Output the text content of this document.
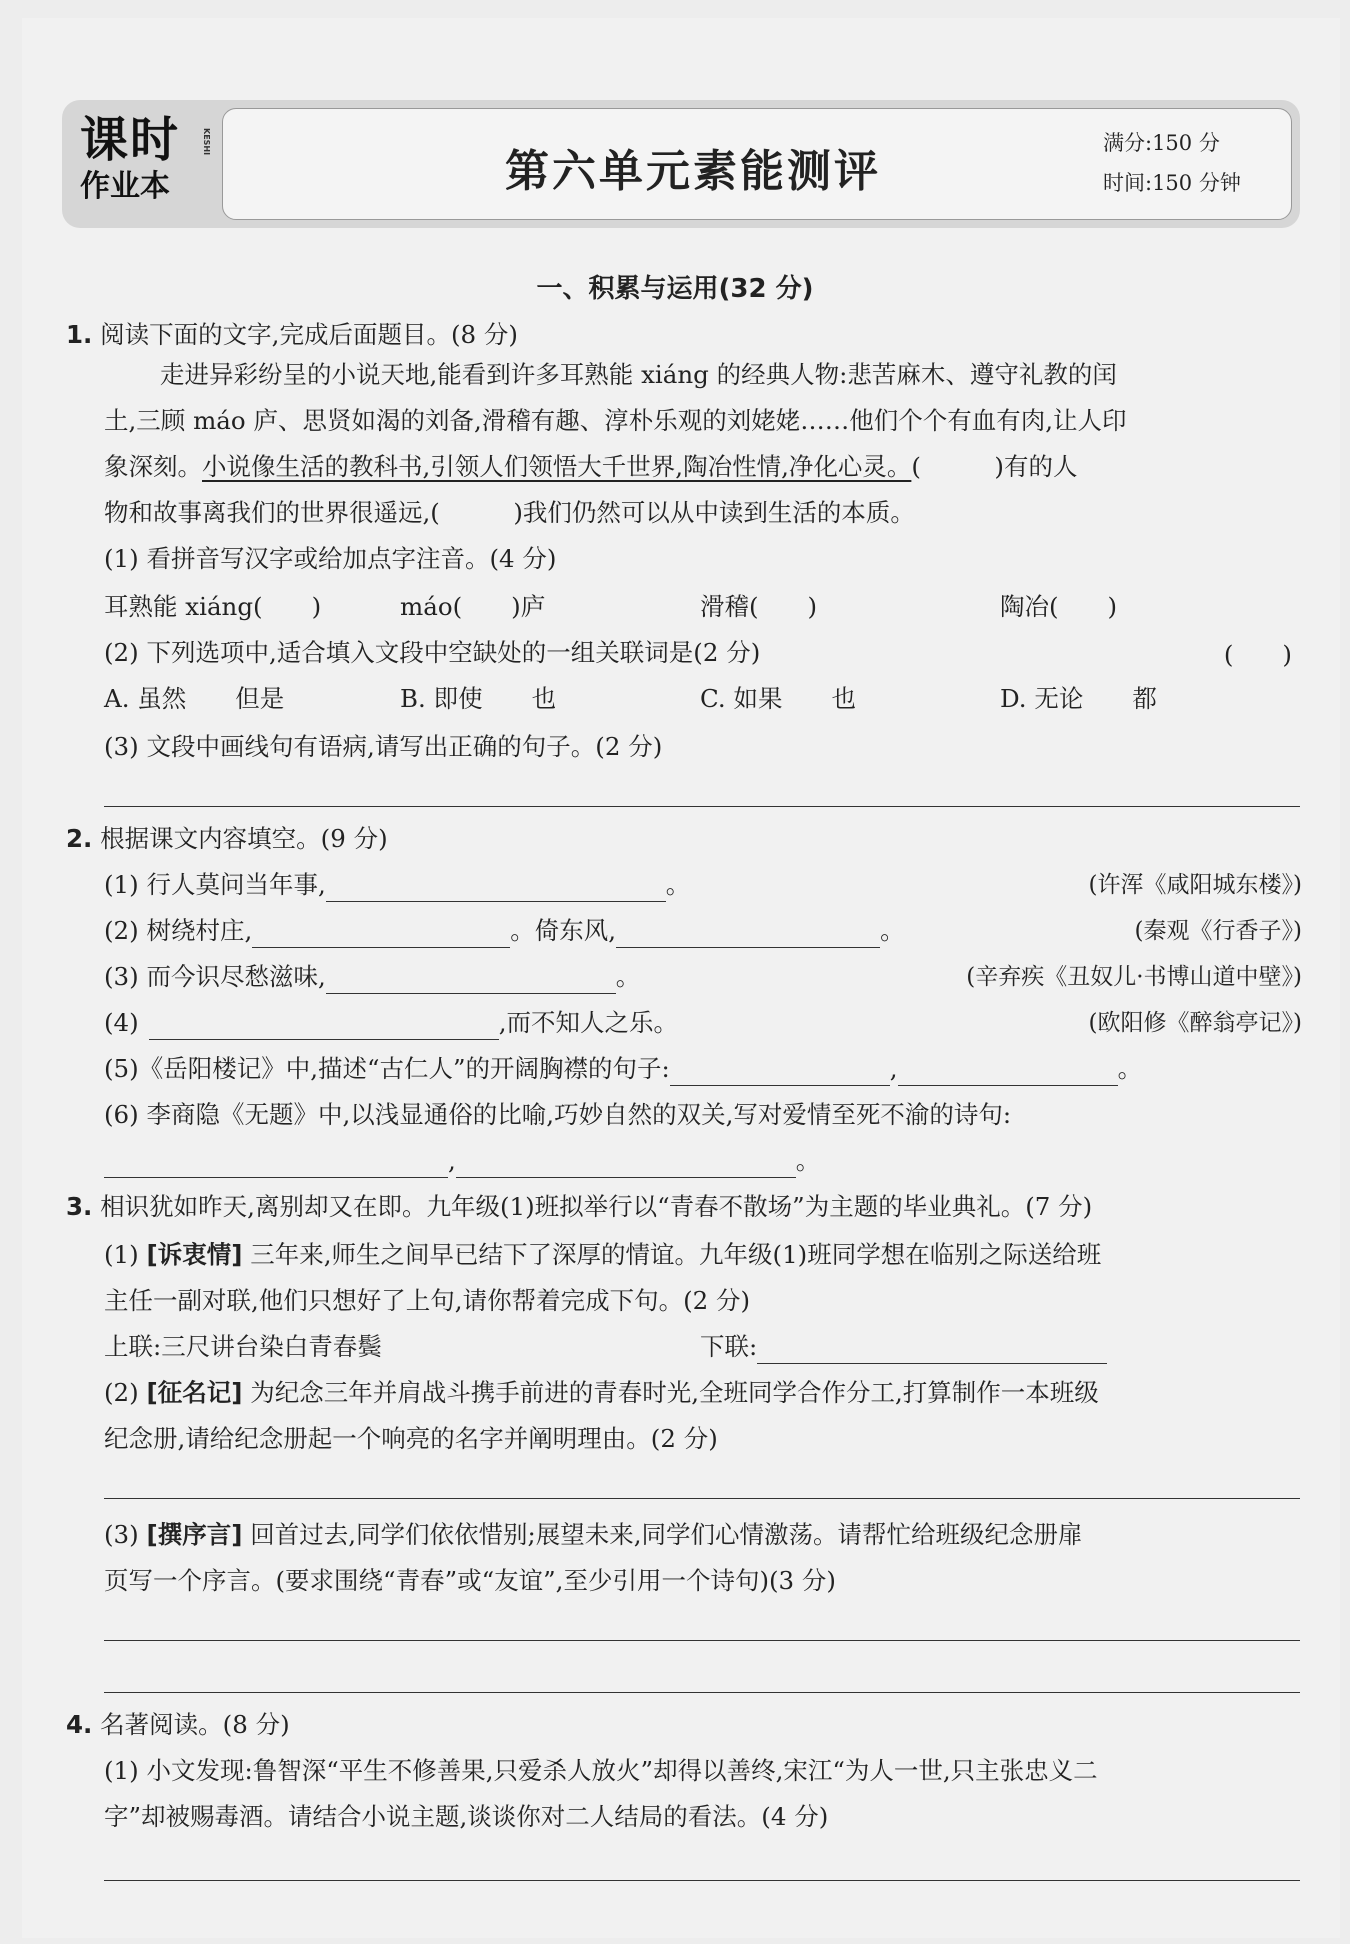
课时
作业本
KESHI
第六单元素能测评
满分:150 分
时间:150 分钟
一、积累与运用(32 分)
1. 阅读下面的文字,完成后面题目。(8 分)
走进异彩纷呈的小说天地,能看到许多耳熟能 xiáng 的经典人物:悲苦麻木、遵守礼教的闰
土,三顾 máo 庐、思贤如渴的刘备,滑稽有趣、淳朴乐观的刘姥姥……他们个个有血有肉,让人印
象深刻。小说像生活的教科书,引领人们领悟大千世界,陶冶性情,净化心灵。(　　　)有的人
物和故事离我们的世界很遥远,(　　　)我们仍然可以从中读到生活的本质。
(1) 看拼音写汉字或给加点字注音。(4 分)
耳熟能 xiáng(　　)	máo(　　)庐	滑稽(　　)	陶冶(　　)
(2) 下列选项中,适合填入文段中空缺处的一组关联词是(2 分)	(　　)
A. 虽然　　但是	B. 即使　　也	C. 如果　　也	D. 无论　　都
(3) 文段中画线句有语病,请写出正确的句子。(2 分)
2. 根据课文内容填空。(9 分)
(1) 行人莫问当年事,	。	(许浑《咸阳城东楼》)
(2) 树绕村庄,	。倚东风,	。	(秦观《行香子》)
(3) 而今识尽愁滋味,	。	(辛弃疾《丑奴儿·书博山道中壁》)
(4)	,而不知人之乐。	(欧阳修《醉翁亭记》)
(5)《岳阳楼记》中,描述“古仁人”的开阔胸襟的句子:	,	。
(6) 李商隐《无题》中,以浅显通俗的比喻,巧妙自然的双关,写对爱情至死不渝的诗句:
,	。
3. 相识犹如昨天,离别却又在即。九年级(1)班拟举行以“青春不散场”为主题的毕业典礼。(7 分)
(1) [诉衷情] 三年来,师生之间早已结下了深厚的情谊。九年级(1)班同学想在临别之际送给班
主任一副对联,他们只想好了上句,请你帮着完成下句。(2 分)
上联:三尺讲台染白青春鬓	下联:
(2) [征名记] 为纪念三年并肩战斗携手前进的青春时光,全班同学合作分工,打算制作一本班级
纪念册,请给纪念册起一个响亮的名字并阐明理由。(2 分)
(3) [撰序言] 回首过去,同学们依依惜别;展望未来,同学们心情激荡。请帮忙给班级纪念册扉
页写一个序言。(要求围绕“青春”或“友谊”,至少引用一个诗句)(3 分)
4. 名著阅读。(8 分)
(1) 小文发现:鲁智深“平生不修善果,只爱杀人放火”却得以善终,宋江“为人一世,只主张忠义二
字”却被赐毒酒。请结合小说主题,谈谈你对二人结局的看法。(4 分)
